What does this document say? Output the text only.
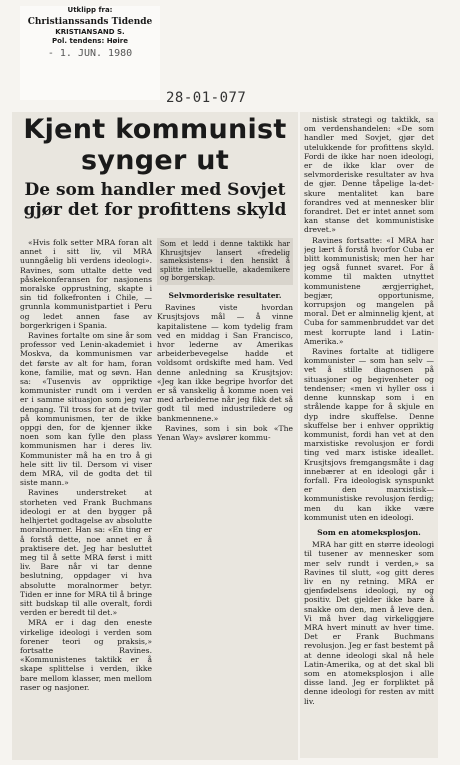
Utklipp fra:
Christianssands Tidende
KRISTIANSAND S.
Pol. tendens: Høire
- 1. JUN. 1980
28-01-077
Kjent kommunist synger ut
De som handler med Sovjet gjør det for profittens skyld

«Hvis folk setter MRA foran alt annet i sitt liv, vil MRA uunngåelig bli verdens ideologi». Ravines, som uttalte dette ved påskekonferansen for nasjonens moralske opprustning, skapte i sin tid folkefronten i Chile, — grunnla kommunistpartiet i Peru og ledet annen fase av borgerkrigen i Spania.

Ravines fortalte om sine år som professor ved Lenin-akademiet i Moskva, da kommunismen var det første av alt for ham, foran kone, familie, mat og søvn. Han sa: «Tusenvis av oppriktige kommunister rundt om i verden er i samme situasjon som jeg var dengang. Til tross for at de tviler på kommunismen, ter de ikke oppgi den, for de kjenner ikke noen som kan fylle den plass kommunismen har i deres liv. Kommunister må ha en tro å gi hele sitt liv til. Dersom vi viser dem MRA, vil de godta det til siste mann.»

Ravines understreket at storheten ved Frank Buchmans ideologi er at den bygger på helhjertet godtagelse av absolutte moralnormer. Han sa: «En ting er å forstå dette, noe annet er å praktisere det. Jeg har besluttet meg til å sette MRA først i mitt liv. Bare når vi tar denne beslutning, oppdager vi hva absolutte moralnormer betyr. Tiden er inne for MRA til å bringe sitt budskap til alle overalt, fordi verden er beredt til det.»

MRA er i dag den eneste virkelige ideologi i verden som forener teori og praksis,» fortsatte Ravines. «Kommunistenes taktikk er å skape splittelse i verden, ikke bare mellom klasser, men mellom raser og nasjoner.

Som et ledd i denne taktikk har Khrusjtsjev lansert «fredelig sameksistens» i den hensikt å splitte intellektuelle, akademikere og borgerskap.

Selvmorderiske resultater.

Ravines viste hvordan Krusjtsjovs mål — å vinne kapitalistene — kom tydelig fram ved en middag i San Francisco, hvor lederne av Amerikas arbeiderbevegelse hadde et voldsomt ordskifte med ham. Ved denne anledning sa Krusjtsjov: «Jeg kan ikke begripe hvorfor det er så vanskelig å komme noen vei med arbeiderne når jeg fikk det så godt til med industriledere og bankmennene.»

Ravines, som i sin bok «The Yenan Way» avslører kommu-

nistisk strategi og taktikk, sa om verdenshandelen: «De som handler med Sovjet, gjør det utelukkende for profittens skyld. Fordi de ikke har noen ideologi, er de ikke klar over de selvmorderiske resultater av hva de gjør. Denne tåpelige la-det-skure mentalitet kan bare forandres ved at mennesker blir forandret. Det er intet annet som kan stanse det kommunistiske drevet.»

Ravines fortsatte: «I MRA har jeg lært å forstå hvorfor Cuba er blitt kommunistisk; men her har jeg også funnet svaret. For å komme til makten utnyttet kommunistene ærgjerrighet, begjær, opportunisme, korrupsjon og mangelen på moral. Det er alminnelig kjent, at Cuba for sammenbruddet var det mest korrupte land i Latin-Amerika.»

Ravines fortalte at tidligere kommunister — som han selv — vet å stille diagnosen på situasjoner og begivenheter og tendenser; «men vi hyller oss i denne kunnskap som i en strålende kappe for å skjule en dyp indre skuffelse. Denne skuffelse ber i enhver oppriktig kommunist, fordi han vet at den marxistiske revolusjon er fordi ting ved marx istiske ideallet. Krusjtsjovs fremgangsmåte i dag innebærer at en ideologi går i forfall. Fra ideologisk synspunkt er den marxistisk—kommunistiske revolusjon ferdig; men du kan ikke være kommunist uten en ideologi.

Som en atomeksplosjon.

MRA har gitt en større ideologi til tusener av mennesker som mer selv rundt i verden,» sa Ravines til slutt, «og gitt deres liv en ny retning. MRA er gjenfødelsens ideologi, ny og positiv. Det gjelder ikke bare å snakke om den, men å leve den. Vi må hver dag virkeliggjøre MRA hvert minutt av hver time. Det er Frank Buchmans revolusjon. Jeg er fast bestemt på at denne ideologi skal nå hele Latin-Amerika, og at det skal bli som en atomeksplosjon i alle disse land. Jeg er forpliktet på denne ideologi for resten av mitt liv.
